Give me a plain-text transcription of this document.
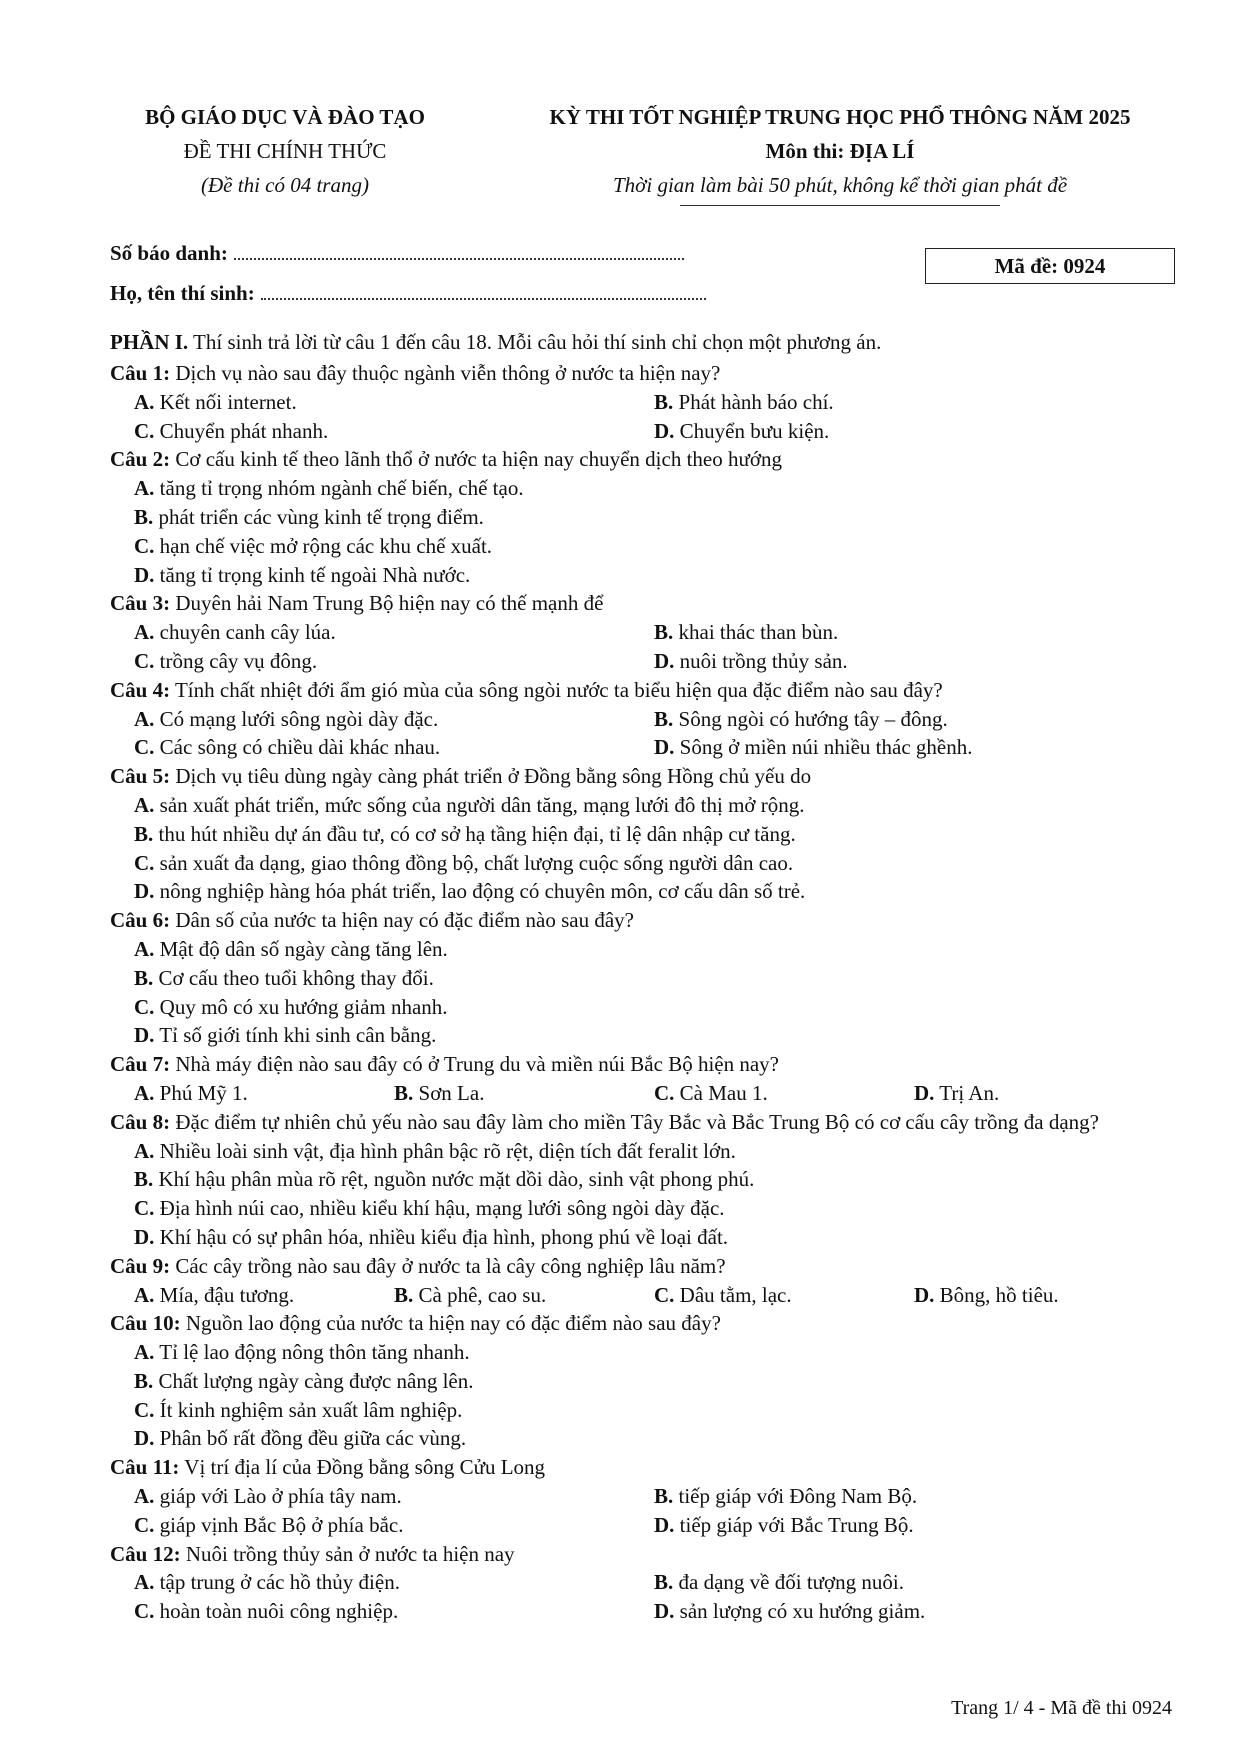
BỘ GIÁO DỤC VÀ ĐÀO TẠO
ĐỀ THI CHÍNH THỨC
(Đề thi có 04 trang)
KỲ THI TỐT NGHIỆP TRUNG HỌC PHỔ THÔNG NĂM 2025
Môn thi: ĐỊA LÍ
Thời gian làm bài 50 phút, không kể thời gian phát đề
Số báo danh:
Họ, tên thí sinh:
Mã đề: 0924
PHẦN I. Thí sinh trả lời từ câu 1 đến câu 18. Mỗi câu hỏi thí sinh chỉ chọn một phương án.
Câu 1: Dịch vụ nào sau đây thuộc ngành viễn thông ở nước ta hiện nay?
A. Kết nối internet.	B. Phát hành báo chí.
C. Chuyển phát nhanh.	D. Chuyển bưu kiện.
Câu 2: Cơ cấu kinh tế theo lãnh thổ ở nước ta hiện nay chuyển dịch theo hướng
A. tăng tỉ trọng nhóm ngành chế biến, chế tạo.
B. phát triển các vùng kinh tế trọng điểm.
C. hạn chế việc mở rộng các khu chế xuất.
D. tăng tỉ trọng kinh tế ngoài Nhà nước.
Câu 3: Duyên hải Nam Trung Bộ hiện nay có thế mạnh để
A. chuyên canh cây lúa.	B. khai thác than bùn.
C. trồng cây vụ đông.	D. nuôi trồng thủy sản.
Câu 4: Tính chất nhiệt đới ẩm gió mùa của sông ngòi nước ta biểu hiện qua đặc điểm nào sau đây?
A. Có mạng lưới sông ngòi dày đặc.	B. Sông ngòi có hướng tây – đông.
C. Các sông có chiều dài khác nhau.	D. Sông ở miền núi nhiều thác ghềnh.
Câu 5: Dịch vụ tiêu dùng ngày càng phát triển ở Đồng bằng sông Hồng chủ yếu do
A. sản xuất phát triển, mức sống của người dân tăng, mạng lưới đô thị mở rộng.
B. thu hút nhiều dự án đầu tư, có cơ sở hạ tầng hiện đại, tỉ lệ dân nhập cư tăng.
C. sản xuất đa dạng, giao thông đồng bộ, chất lượng cuộc sống người dân cao.
D. nông nghiệp hàng hóa phát triển, lao động có chuyên môn, cơ cấu dân số trẻ.
Câu 6: Dân số của nước ta hiện nay có đặc điểm nào sau đây?
A. Mật độ dân số ngày càng tăng lên.
B. Cơ cấu theo tuổi không thay đổi.
C. Quy mô có xu hướng giảm nhanh.
D. Tỉ số giới tính khi sinh cân bằng.
Câu 7: Nhà máy điện nào sau đây có ở Trung du và miền núi Bắc Bộ hiện nay?
A. Phú Mỹ 1.	B. Sơn La.	C. Cà Mau 1.	D. Trị An.
Câu 8: Đặc điểm tự nhiên chủ yếu nào sau đây làm cho miền Tây Bắc và Bắc Trung Bộ có cơ cấu cây trồng đa dạng?
A. Nhiều loài sinh vật, địa hình phân bậc rõ rệt, diện tích đất feralit lớn.
B. Khí hậu phân mùa rõ rệt, nguồn nước mặt dồi dào, sinh vật phong phú.
C. Địa hình núi cao, nhiều kiểu khí hậu, mạng lưới sông ngòi dày đặc.
D. Khí hậu có sự phân hóa, nhiều kiểu địa hình, phong phú về loại đất.
Câu 9: Các cây trồng nào sau đây ở nước ta là cây công nghiệp lâu năm?
A. Mía, đậu tương.	B. Cà phê, cao su.	C. Dâu tằm, lạc.	D. Bông, hồ tiêu.
Câu 10: Nguồn lao động của nước ta hiện nay có đặc điểm nào sau đây?
A. Tỉ lệ lao động nông thôn tăng nhanh.
B. Chất lượng ngày càng được nâng lên.
C. Ít kinh nghiệm sản xuất lâm nghiệp.
D. Phân bố rất đồng đều giữa các vùng.
Câu 11: Vị trí địa lí của Đồng bằng sông Cửu Long
A. giáp với Lào ở phía tây nam.	B. tiếp giáp với Đông Nam Bộ.
C. giáp vịnh Bắc Bộ ở phía bắc.	D. tiếp giáp với Bắc Trung Bộ.
Câu 12: Nuôi trồng thủy sản ở nước ta hiện nay
A. tập trung ở các hồ thủy điện.	B. đa dạng về đối tượng nuôi.
C. hoàn toàn nuôi công nghiệp.	D. sản lượng có xu hướng giảm.
Trang 1/ 4 - Mã đề thi 0924
